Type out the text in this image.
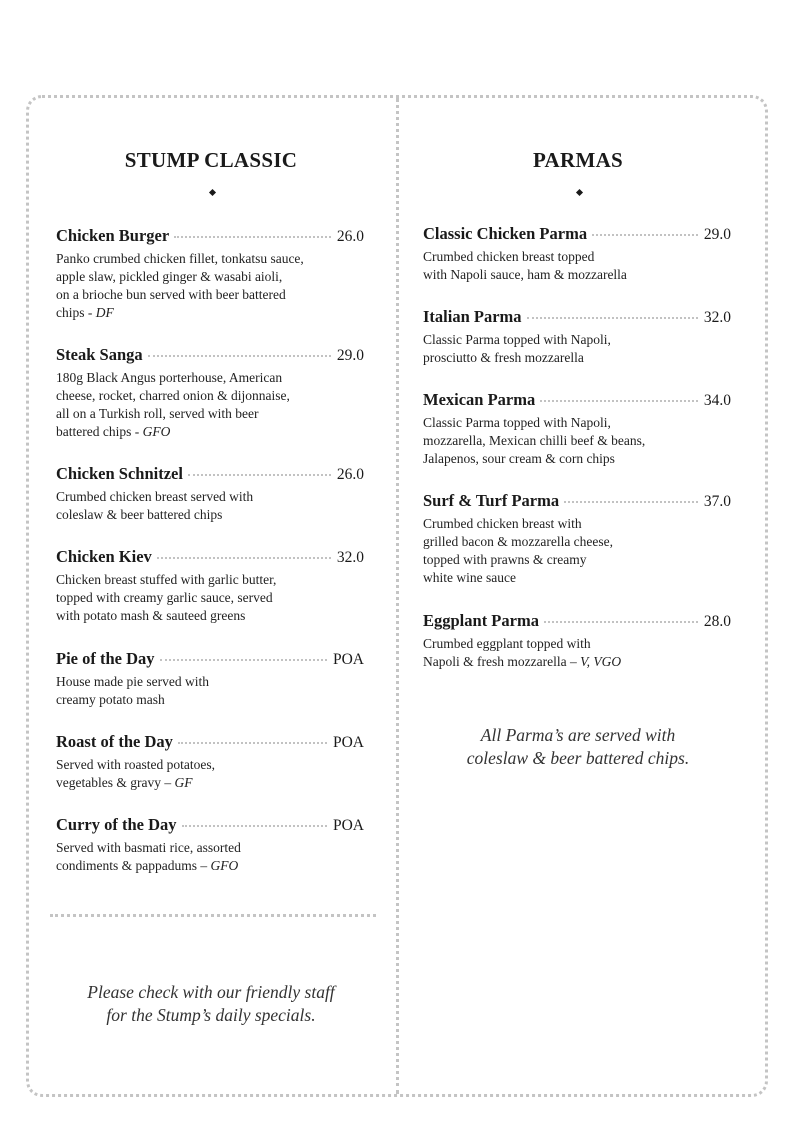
STUMP CLASSIC
Chicken Burger	26.0
Panko crumbed chicken fillet, tonkatsu sauce,
apple slaw, pickled ginger & wasabi aioli,
on a brioche bun served with beer battered
chips - DF
Steak Sanga	29.0
180g Black Angus porterhouse, American
cheese, rocket, charred onion & dijonnaise,
all on a Turkish roll, served with beer
battered chips - GFO
Chicken Schnitzel	26.0
Crumbed chicken breast served with
coleslaw & beer battered chips
Chicken Kiev	32.0
Chicken breast stuffed with garlic butter,
topped with creamy garlic sauce, served
with potato mash & sauteed greens
Pie of the Day	POA
House made pie served with
creamy potato mash
Roast of the Day	POA
Served with roasted potatoes,
vegetables & gravy – GF
Curry of the Day	POA
Served with basmati rice, assorted
condiments & pappadums – GFO
Please check with our friendly staff
for the Stump’s daily specials.
PARMAS
Classic Chicken Parma	29.0
Crumbed chicken breast topped
with Napoli sauce, ham & mozzarella
Italian Parma	32.0
Classic Parma topped with Napoli,
prosciutto & fresh mozzarella
Mexican Parma	34.0
Classic Parma topped with Napoli,
mozzarella, Mexican chilli beef & beans,
Jalapenos, sour cream & corn chips
Surf & Turf Parma	37.0
Crumbed chicken breast with
grilled bacon & mozzarella cheese,
topped with prawns & creamy
white wine sauce
Eggplant Parma	28.0
Crumbed eggplant topped with
Napoli & fresh mozzarella – V, VGO
All Parma’s are served with
coleslaw & beer battered chips.
